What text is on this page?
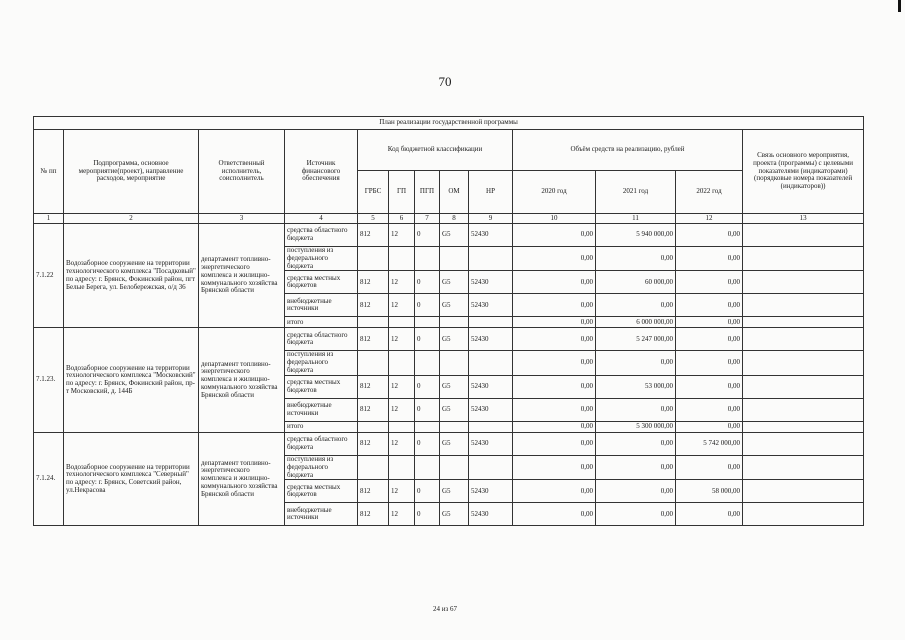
70
План реализации государственной программы												
№ пп	Подпрограмма, основное мероприятие(проект), направление расходов, мероприятие	Ответственный исполнитель, соисполнитель	Источник финансового обеспечения	Код бюджетной классификации					Объём средств на реализацию, рублей			Связь основного мероприятия, проекта (программы) с целевыми показателями (индикаторами) (порядковые номера показателей (индикаторов))
				ГРБС	ГП	ПГП	ОМ	НР	2020 год	2021 год	2022 год	
1	2	3	4	5	6	7	8	9	10	11	12	13
7.1.22	Водозаборное сооружение на территории технологического комплекса "Посадковый" по адресу: г. Брянск, Фокинский район, пгт Белые Берега, ул. Белобережская, о/д 36	департамент топливно-энергетического комплекса и жилищно-коммунального хозяйства Брянской области	средства областного бюджета	812	12	0	G5	52430	0,00	5 940 000,00	0,00	
			поступления из федерального бюджета						0,00	0,00	0,00	
			средства местных бюджетов	812	12	0	G5	52430	0,00	60 000,00	0,00	
			внебюджетные источники	812	12	0	G5	52430	0,00	0,00	0,00	
			итого						0,00	6 000 000,00	0,00	
7.1.23.	Водозаборное сооружение на территории технологического комплекса "Московский" по адресу: г. Брянск, Фокинский район, пр-т Московский, д. 144Б	департамент топливно-энергетического комплекса и жилищно-коммунального хозяйства Брянской области	средства областного бюджета	812	12	0	G5	52430	0,00	5 247 000,00	0,00	
			поступления из федерального бюджета						0,00	0,00	0,00	
			средства местных бюджетов	812	12	0	G5	52430	0,00	53 000,00	0,00	
			внебюджетные источники	812	12	0	G5	52430	0,00	0,00	0,00	
			итого						0,00	5 300 000,00	0,00	
7.1.24.	Водозаборное сооружение на территории технологического комплекса "Северный" по адресу: г. Брянск, Советский район, ул.Некрасова	департамент топливно-энергетического комплекса и жилищно-коммунального хозяйства Брянской области	средства областного бюджета	812	12	0	G5	52430	0,00	0,00	5 742 000,00	
			поступления из федерального бюджета						0,00	0,00	0,00	
			средства местных бюджетов	812	12	0	G5	52430	0,00	0,00	58 000,00	
			внебюджетные источники	812	12	0	G5	52430	0,00	0,00	0,00	
24 из 67
